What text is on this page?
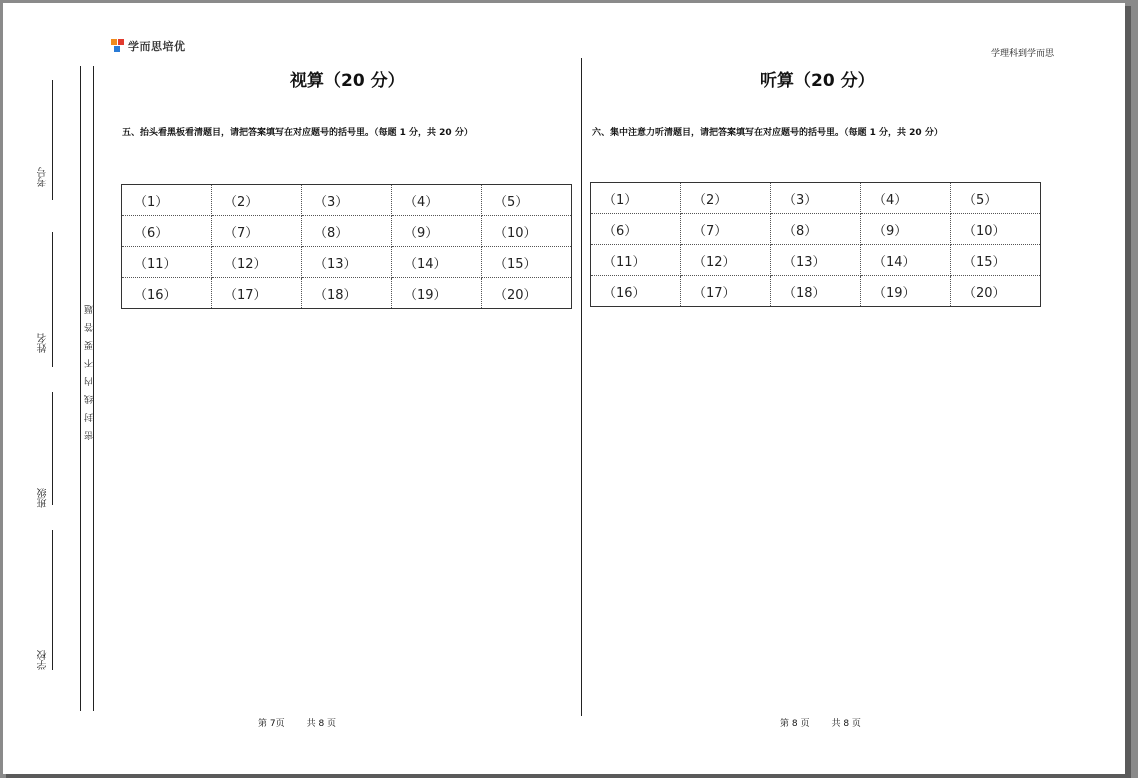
学而思培优
学理科到学而思
考号
姓名
班级
学校
密封线内不要答题
视算（20 分）
五、抬头看黑板看清题目，请把答案填写在对应题号的括号里。（每题 1 分，共 20 分）
（1）	（2）	（3）	（4）	（5）
（6）	（7）	（8）	（9）	（10）
（11）	（12）	（13）	（14）	（15）
（16）	（17）	（18）	（19）	（20）
第 7页 共 8 页
听算（20 分）
六、集中注意力听清题目，请把答案填写在对应题号的括号里。（每题 1 分，共 20 分）
（1）	（2）	（3）	（4）	（5）
（6）	（7）	（8）	（9）	（10）
（11）	（12）	（13）	（14）	（15）
（16）	（17）	（18）	（19）	（20）
第 8 页 共 8 页
